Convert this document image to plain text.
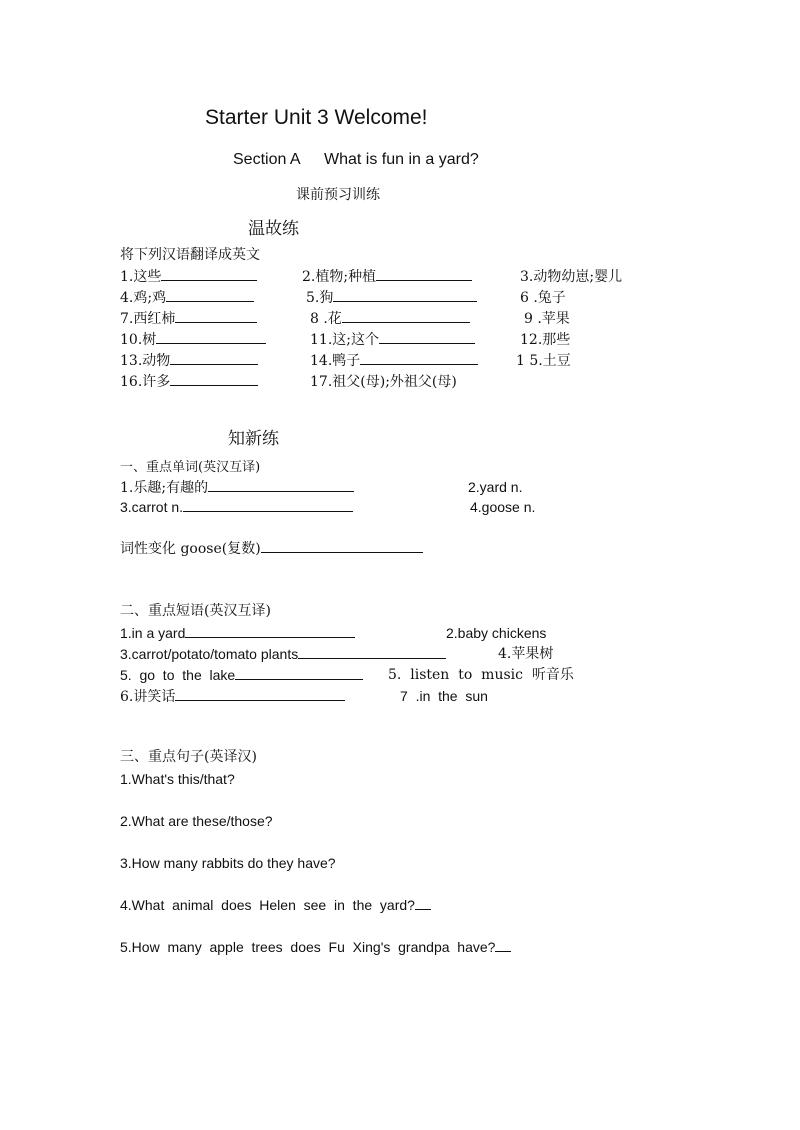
Starter Unit 3 Welcome!
Section A What is fun in a yard?
课前预习训练
温故练
将下列汉语翻译成英文
1.这些	2.植物;种植	3.动物幼崽;婴儿
4.鸡;鸡	5.狗	6 .兔子
7.西红柿	8 .花	9 .苹果
10.树	11.这;这个	12.那些
13.动物	14.鸭子	1 5.土豆
16.许多	17.祖父(母);外祖父(母)
知新练
一、重点单词(英汉互译)
1.乐趣;有趣的	2.yard n.
3.carrot n.	4.goose n.
词性变化 goose(复数)
二、重点短语(英汉互译)
1.in a yard	2.baby chickens
3.carrot/potato/tomato plants	4.苹果树
5.  go  to  the  lake	5.  listen  to  music  听音乐
6.讲笑话	7  .in  the  sun
三、重点句子(英译汉)
1.What's this/that?
2.What are these/those?
3.How many rabbits do they have?
4.What  animal  does  Helen  see  in  the  yard?
5.How  many  apple  trees  does  Fu  Xing's  grandpa  have?
